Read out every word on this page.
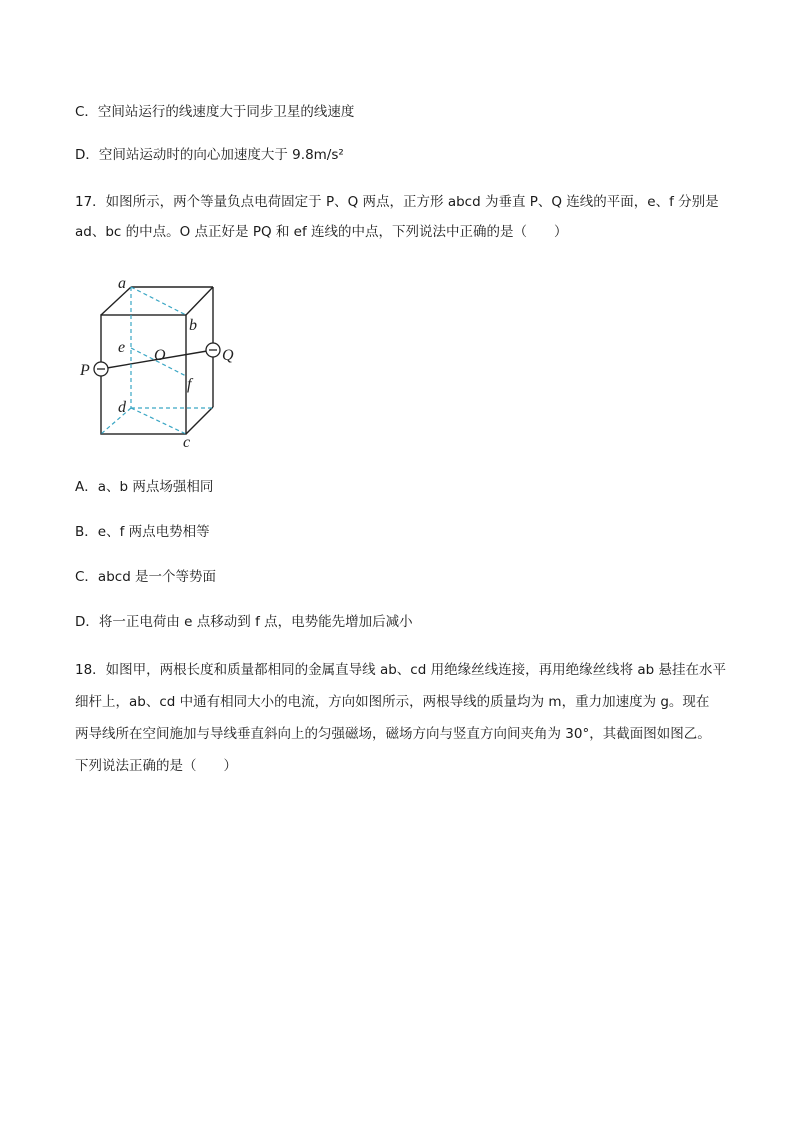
C．空间站运行的线速度大于同步卫星的线速度
D．空间站运动时的向心加速度大于 9.8m/s²
17．如图所示，两个等量负点电荷固定于 P、Q 两点，正方形 abcd 为垂直 P、Q 连线的平面，e、f 分别是
ad、bc 的中点。O 点正好是 PQ 和 ef 连线的中点，下列说法中正确的是（　　）
a
b
c
d
e
f
O
P
Q
A．a、b 两点场强相同
B．e、f 两点电势相等
C．abcd 是一个等势面
D．将一正电荷由 e 点移动到 f 点，电势能先增加后减小
18．如图甲，两根长度和质量都相同的金属直导线 ab、cd 用绝缘丝线连接，再用绝缘丝线将 ab 悬挂在水平
细杆上，ab、cd 中通有相同大小的电流，方向如图所示，两根导线的质量均为 m，重力加速度为 g。现在
两导线所在空间施加与导线垂直斜向上的匀强磁场，磁场方向与竖直方向间夹角为 30°，其截面图如图乙。
下列说法正确的是（　　）
